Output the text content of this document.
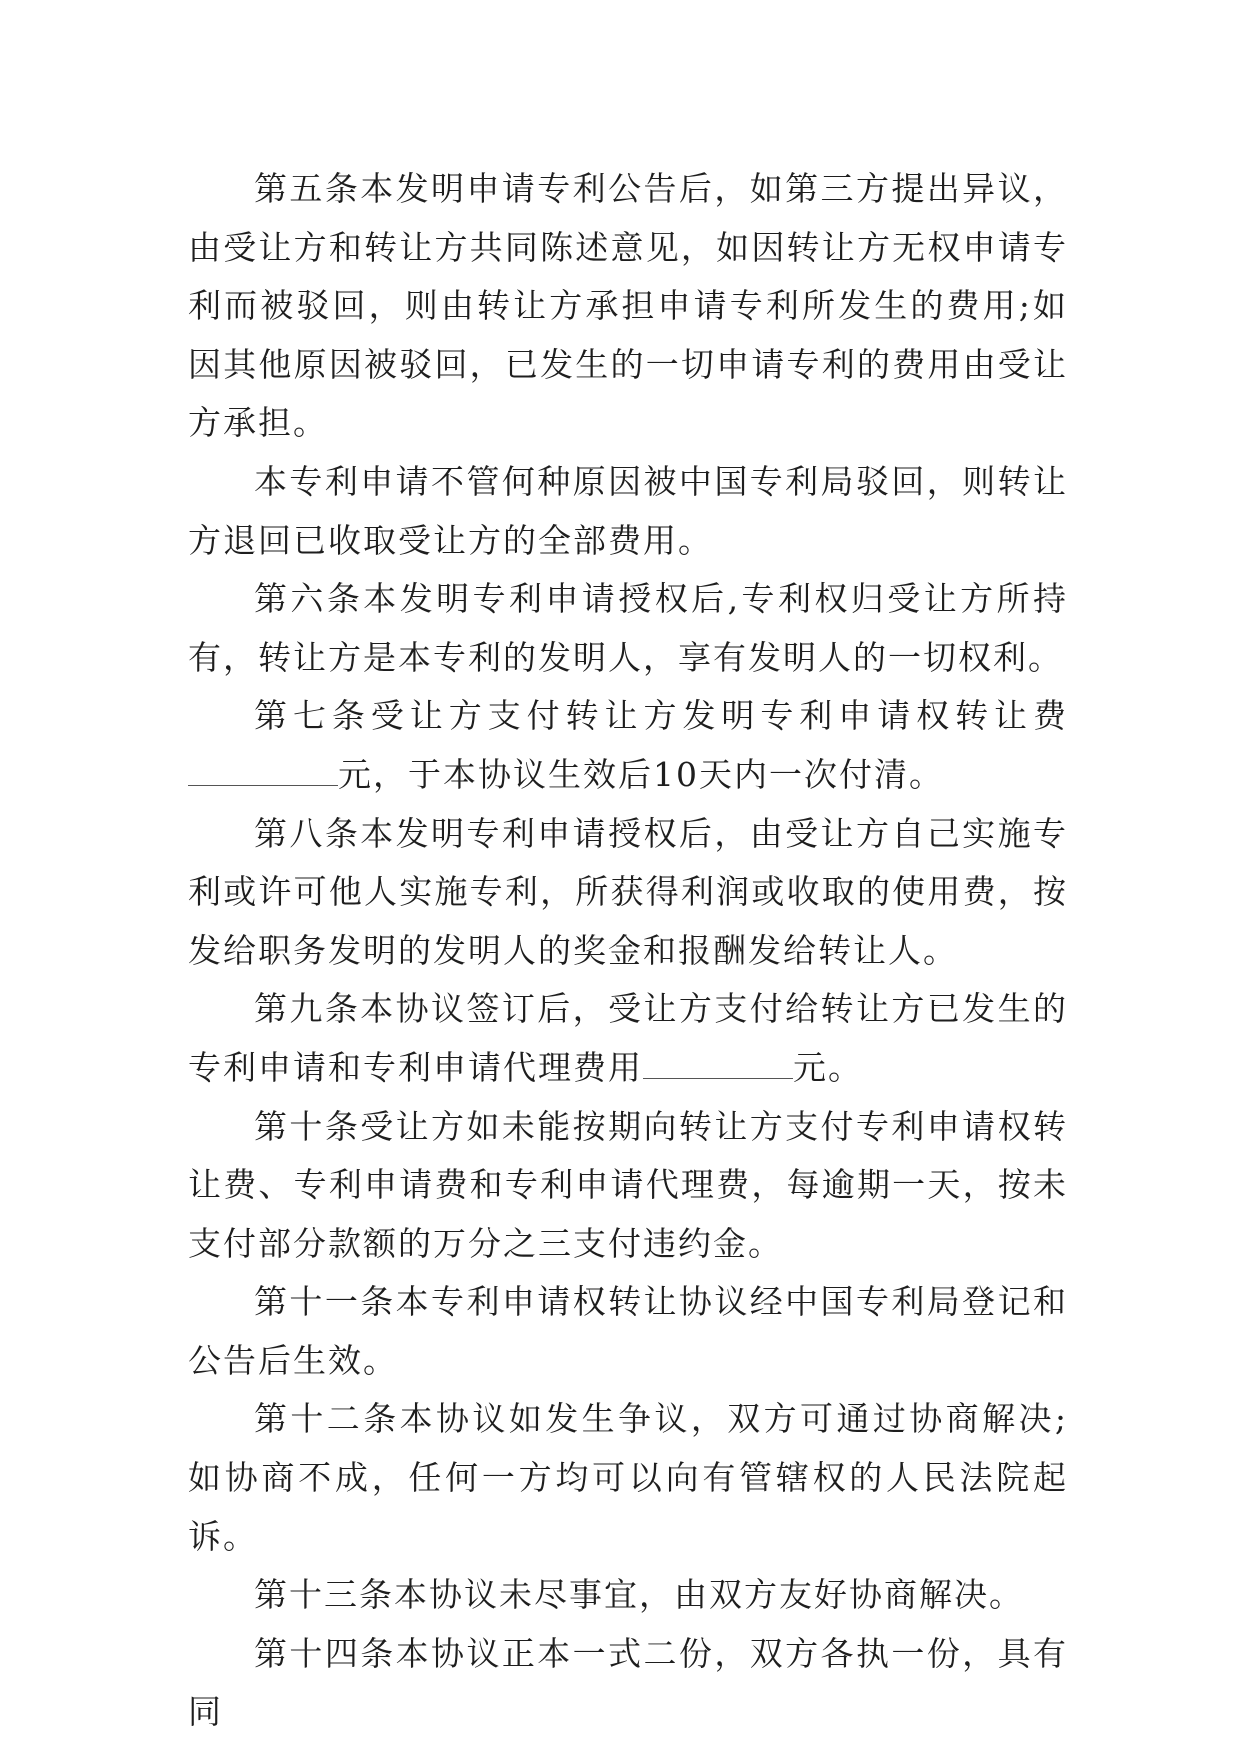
第五条本发明申请专利公告后，如第三方提出异议，由受让方和转让方共同陈述意见，如因转让方无权申请专利而被驳回，则由转让方承担申请专利所发生的费用;如因其他原因被驳回，已发生的一切申请专利的费用由受让方承担。

本专利申请不管何种原因被中国专利局驳回，则转让方退回已收取受让方的全部费用。

第六条本发明专利申请授权后,专利权归受让方所持有，转让方是本专利的发明人，享有发明人的一切权利。

第七条受让方支付转让方发明专利申请权转让费元，于本协议生效后10天内一次付清。

第八条本发明专利申请授权后，由受让方自己实施专利或许可他人实施专利，所获得利润或收取的使用费，按发给职务发明的发明人的奖金和报酬发给转让人。

第九条本协议签订后，受让方支付给转让方已发生的专利申请和专利申请代理费用	元。

第十条受让方如未能按期向转让方支付专利申请权转让费、专利申请费和专利申请代理费，每逾期一天，按未支付部分款额的万分之三支付违约金。

第十一条本专利申请权转让协议经中国专利局登记和公告后生效。

第十二条本协议如发生争议，双方可通过协商解决;如协商不成，任何一方均可以向有管辖权的人民法院起诉。

第十三条本协议未尽事宜，由双方友好协商解决。

第十四条本协议正本一式二份，双方各执一份，具有同
